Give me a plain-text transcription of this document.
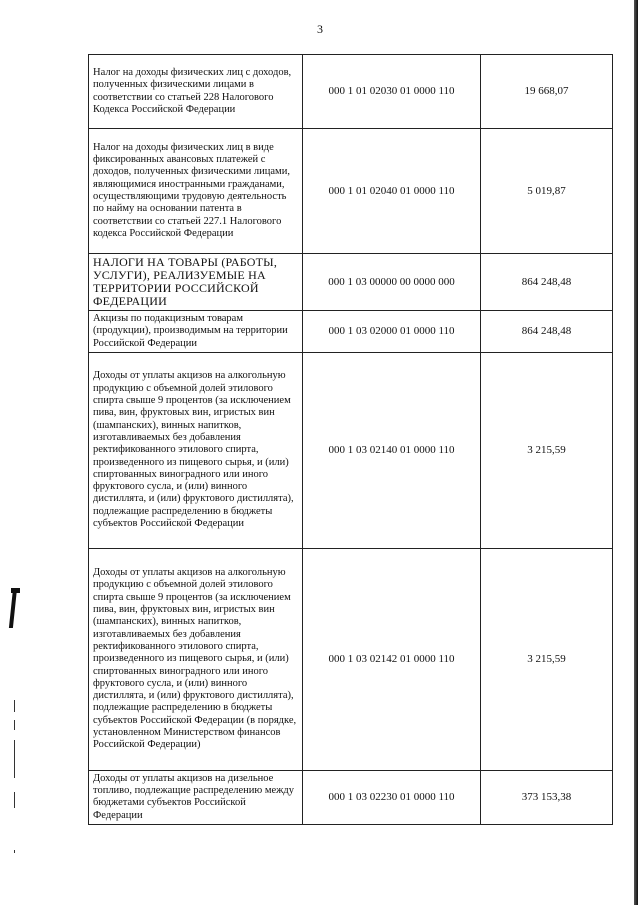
3
Налог на доходы физических лиц с доходов, полученных физическими лицами в соответствии со статьей 228 Налогового Кодекса Российской Федерации	000 1 01 02030 01 0000 110	19 668,07
Налог на доходы физических лиц в виде фиксированных авансовых платежей с доходов, полученных физическими лицами, являющимися иностранными гражданами, осуществляющими трудовую деятельность по найму на основании патента в соответствии со статьей 227.1 Налогового кодекса Российской Федерации	000 1 01 02040 01 0000 110	5 019,87
НАЛОГИ НА ТОВАРЫ (РАБОТЫ, УСЛУГИ), РЕАЛИЗУЕМЫЕ НА ТЕРРИТОРИИ РОССИЙСКОЙ ФЕДЕРАЦИИ	000 1 03 00000 00 0000 000	864 248,48
Акцизы по подакцизным товарам (продукции), производимым на территории Российской Федерации	000 1 03 02000 01 0000 110	864 248,48
Доходы от уплаты акцизов на алкогольную продукцию с объемной долей этилового спирта свыше 9 процентов (за исключением пива, вин, фруктовых вин, игристых вин (шампанских), винных напитков, изготавливаемых без добавления ректификованного этилового спирта, произведенного из пищевого сырья, и (или) спиртованных виноградного или иного фруктового сусла, и (или) винного дистиллята, и (или) фруктового дистиллята), подлежащие распределению в бюджеты субъектов Российской Федерации	000 1 03 02140 01 0000 110	3 215,59
Доходы от уплаты акцизов на алкогольную продукцию с объемной долей этилового спирта свыше 9 процентов (за исключением пива, вин, фруктовых вин, игристых вин (шампанских), винных напитков, изготавливаемых без добавления ректификованного этилового спирта, произведенного из пищевого сырья, и (или) спиртованных виноградного или иного фруктового сусла, и (или) винного дистиллята, и (или) фруктового дистиллята), подлежащие распределению в бюджеты субъектов Российской Федерации (в порядке, установленном Министерством финансов Российской Федерации)	000 1 03 02142 01 0000 110	3 215,59
Доходы от уплаты акцизов на дизельное топливо, подлежащие распределению между бюджетами субъектов Российской Федерации	000 1 03 02230 01 0000 110	373 153,38
